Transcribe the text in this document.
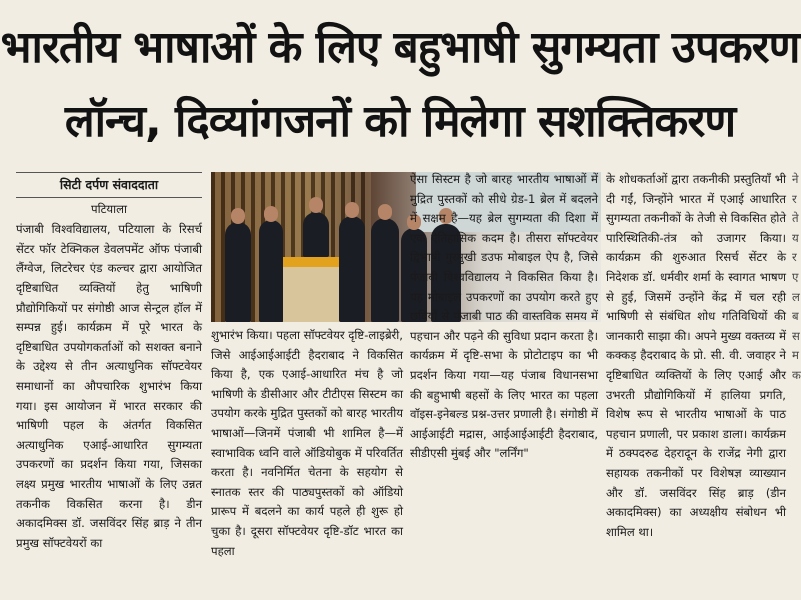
भारतीय भाषाओं के लिए बहुभाषी सुगम्यता उपकरण
लॉन्च, दिव्यांगजनों को मिलेगा सशक्तिकरण
सिटी दर्पण संवाददाता
पटियाला

पंजाबी विश्वविद्यालय, पटियाला के रिसर्च सेंटर फॉर टेक्निकल डेवलपमेंट ऑफ पंजाबी लैंग्वेज, लिटरेचर एंड कल्चर द्वारा आयोजित दृष्टिबाधित व्यक्तियों हेतु भाषिणी प्रौद्योगिकियों पर संगोष्ठी आज सेन्ट्रल हॉल में सम्पन्न हुई। कार्यक्रम में पूरे भारत के दृष्टिबाधित उपयोगकर्ताओं को सशक्त बनाने के उद्देश्य से तीन अत्याधुनिक सॉफ्टवेयर समाधानों का औपचारिक शुभारंभ किया गया। इस आयोजन में भारत सरकार की भाषिणी पहल के अंतर्गत विकसित अत्याधुनिक एआई-आधारित सुगम्यता उपकरणों का प्रदर्शन किया गया, जिसका लक्ष्य प्रमुख भारतीय भाषाओं के लिए उन्नत तकनीक विकसित करना है। डीन अकादमिक्स डॉ. जसविंदर सिंह ब्राड़ ने तीन प्रमुख सॉफ्टवेयरों का

शुभारंभ किया। पहला सॉफ्टवेयर दृष्टि-लाइब्रेरी, जिसे आईआईआईटी हैदराबाद ने विकसित किया है, एक एआई-आधारित मंच है जो भाषिणी के डीसीआर और टीटीएस सिस्टम का उपयोग करके मुद्रित पुस्तकों को बारह भारतीय भाषाओं—जिनमें पंजाबी भी शामिल है—में स्वाभाविक ध्वनि वाले ऑडियोबुक में परिवर्तित करता है। नवनिर्मित चेतना के सहयोग से स्नातक स्तर की पाठ्यपुस्तकों को ऑडियो प्रारूप में बदलने का कार्य पहले ही शुरू हो चुका है। दूसरा सॉफ्टवेयर दृष्टि-डॉट भारत का पहला

ऐसा सिस्टम है जो बारह भारतीय भाषाओं में मुद्रित पुस्तकों को सीधे ग्रेड-1 ब्रेल में बदलने में सक्षम है—यह ब्रेल सुगम्यता की दिशा में एक ऐतिहासिक कदम है। तीसरा सॉफ्टवेयर द्विभाषी गुरमुखी डउफ मोबाइल ऐप है, जिसे पंजाबी विश्वविद्यालय ने विकसित किया है। यह मोबाइल उपकरणों का उपयोग करते हुए छवियों से पंजाबी पाठ की वास्तविक समय में पहचान और पढ़ने की सुविधा प्रदान करता है। कार्यक्रम में दृष्टि-सभा के प्रोटोटाइप का भी प्रदर्शन किया गया—यह पंजाब विधानसभा की बहुभाषी बहसों के लिए भारत का पहला वॉइस-इनेबल्ड प्रश्न-उत्तर प्रणाली है। संगोष्ठी में आईआईटी मद्रास, आईआईआईटी हैदराबाद, सीडीएसी मुंबई और "लर्निंग"

के शोधकर्ताओं द्वारा तकनीकी प्रस्तुतियाँ भी दी गईं, जिन्होंने भारत में एआई आधारित सुगम्यता तकनीकों के तेजी से विकसित होते पारिस्थितिकी-तंत्र को उजागर किया। कार्यक्रम की शुरुआत रिसर्च सेंटर के निदेशक डॉ. धर्मवीर शर्मा के स्वागत भाषण से हुई, जिसमें उन्होंने केंद्र में चल रही भाषिणी से संबंधित शोध गतिविधियों की जानकारी साझा की। अपने मुख्य वक्तव्य में कक्कड़ हैदराबाद के प्रो. सी. वी. जवाहर ने दृष्टिबाधित व्यक्तियों के लिए एआई और उभरती प्रौद्योगिकियों में हालिया प्रगति, विशेष रूप से भारतीय भाषाओं के पाठ पहचान प्रणाली, पर प्रकाश डाला। कार्यक्रम में ठक्पदरुढ देहरादून के राजेंद्र नेगी द्वारा सहायक तकनीकों पर विशेषज्ञ व्याख्यान और डॉ. जसविंदर सिंह ब्राड़ (डीन अकादमिक्स) का अध्यक्षीय संबोधन भी शामिल था।

ने र ते य र ए ल ब स म क
